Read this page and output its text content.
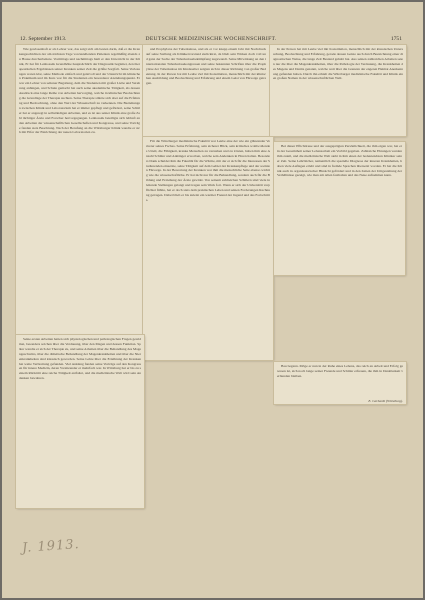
12. September 1913.	DEUTSCHE MEDIZINISCHE WOCHENSCHRIFT.	1751

Wie gewissenhaft er als Lehrer war, das zeigt sich am besten darin, daß er die Krankengeschichten der am nächsten Tage vorzustellenden Patienten regelmäßig abends zu Hause durcharbeitete. Vormittags und nachmittags hielt er den Unterricht in der Klinik, Er hat für Lenhossék Grundhöhe hauptsächlich der Diagnostik begleitet, den therapeutischen Ergebnissen seiner Kranken seiner Zeit die größte Sorgfalt. Seine Vorlesungen waren klar, seine Methode einfach und geistvoll und der Unterricht im klinischen Praktikum und im Kurs war für die Studenten ein besonderer Anziehungspunkt. Er war ein Lehrer von seltener Begabung, dem die Studenten mit großer Liebe und Verehrung anhingen, und Schule gemacht hat auch seine akademische Tätigkeit, als dessen Ausdruck eine lange Reihe von Arbeiten hervorging, welche in klinischer Beobachtung die Grundlage der Therapie suchten. Seine Therapie stützte sich aber auf die Erfahrung und Beobachtung, ohne den Wert der Wissenschaft zu verkennen. Die Beziehungen zwischen Klinik und Laboratorium hat er immer gepflegt und gefördert, seine Schüler hat er angeregt in selbständigen Arbeiten, und es ist aus seiner Klinik eine große Zahl tüchtiger Ärzte und Forscher hervorgegangen. Lenhossék beteiligte sich lebhaft an den Arbeiten der wissenschaftlichen Gesellschaften und Kongresse, und seine Vorträge fanden stets Beachtung. Nach der Berufung an die Würzburger Klinik wandte er sich mit Eifer der Einrichtung der neuen Laboratorien zu.

und Prophylaxe der Tuberkulose, und als er vor knapp einem Jahr mit Nachdruck auf seine Stellung als Klinikervorstand zurücktrat, da blieb sein Wirken doch voll und ganz der Sache der Tuberkulosebekämpfung zugewandt. Seine Mitwirkung an den internationalen Tuberkulosekongressen und seine bekannten Schriften über die Prophylaxe der Tuberkulose im Kindesalter zeigten sich in dieser Richtung von großer Bedeutung. In der Person bot mit Leube viel mit Konstitution, menschlich mit der klinischen Ausbildung und Beobachtung und Erfahrung und einem Geist von Fürsorge getragen.

In der Person hat mit Leube viel mit Konstitution, menschlich mit der klassischen Untersuchung, Beobachtung und Erfahrung, gerade dessen Geiste auch durch Bezeichnung einer diagnostischen Weise, die lange Zeit Bestand gehabt hat. Aus seinen zahlreichen Arbeiten seien nur die über die Magenkrankheiten, über die Pathologie der Verdauung, die Krankheiten des Magens und Darms genannt, welche weit über die Grenzen der engeren Heimat Anerkennung gefunden haben. Durch ihn erhielt die Würzburger medizinische Fakultät und Klinik einen großen Namen in der wissenschaftlichen Welt.

Für die Würzburger medizinische Fakultät war Leube eine der wie ein glänzender Vertreter seines Faches. Seine Erfahrung, sein sicherer Blick, sein kritisches wohlwollendes Urteil, die Fähigkeit, kranke Menschen zu verstehen und zu trösten, haben ihm eine Anzahl Schüler und Anhänger erworben, welche sein Andenken in Ehren halten. Besonders Dank schuldet ihm die Fakultät für die Wärme, mit der er sich für die Interessen der Studierenden einsetzte, seine Tätigkeit auf dem Gebiet der Krankenpflege und der sozialen Fürsorge. In der Bewertung der Kranken war ihm die menschliche Seite ebenso wichtig wie die wissenschaftliche. Er hat nicht nur für die Behandlung, sondern auch für die Bildung und Erziehung der Ärzte gewirkt. Von seinem zahlreichen Schülern sind viele in leitende Stellungen gelangt und tragen sein Werk fort. Wenn er sich der Universität verpflichtet fühlte, hat er doch stets dem praktischen Leben und seinen Forderungen Rechnung getragen. Dabei blieb er bis zuletzt ein warmer Freund der Jugend und des Fortschritts.

Bei dieser Pflichttreue und der ausgeprägten Persönlichkeit, die ihm eigen war, hat er in der Gesamtheit seiner Lebensarbeit ein Vorbild gegeben. Zahlreiche Ehrungen wurden ihm zuteil, und die medizinische Welt sieht in ihm einen der bedeutendsten Kliniker seiner Zeit. Seine Lehrbücher, namentlich die spezielle Diagnose der inneren Krankheiten, haben viele Auflagen erlebt und sind in fremde Sprachen übersetzt worden. Er hat die Klinik auch in organisatorischer Hinsicht gefördert und in den Zeiten der Umgestaltung der Verhältnisse gezeigt, wie man am Alten festhalten und das Neue aufnehmen kann.

Seine ersten Arbeiten hatten sich physiologischen und pathologischen Fragen gewidmet, besonders solchen über die Verdauung, über den Magen und dessen Funktion. Später wandte er sich der Therapie zu, und seine Arbeiten über die Behandlung des Magengeschwürs, über die diätetische Behandlung der Magenkrankheiten und über die Nierenkrankheiten sind klassisch geworden. Seine Lehre über die Ernährung der Kranken hat weite Verbreitung gefunden. Viel Anklang fanden seine Vorträge auf den Kongressen für innere Medizin, deren Vorsitzender er mehrfach war. In Würzburg hat er bis zu seinem Rücktritt eine reiche Tätigkeit entfaltet, und die medizinische Welt wird sein Andenken bewahren.

Bau begann. Möge er nun in der Ruhe eines Lebens, das reich an Arbeit und Erfolg gewesen ist, sich noch lange seiner Freunde und Schüler erfreuen, die ihm in Dankbarkeit verbunden bleiben.

E. Gerhardt (Würzburg).
J. 1913.
